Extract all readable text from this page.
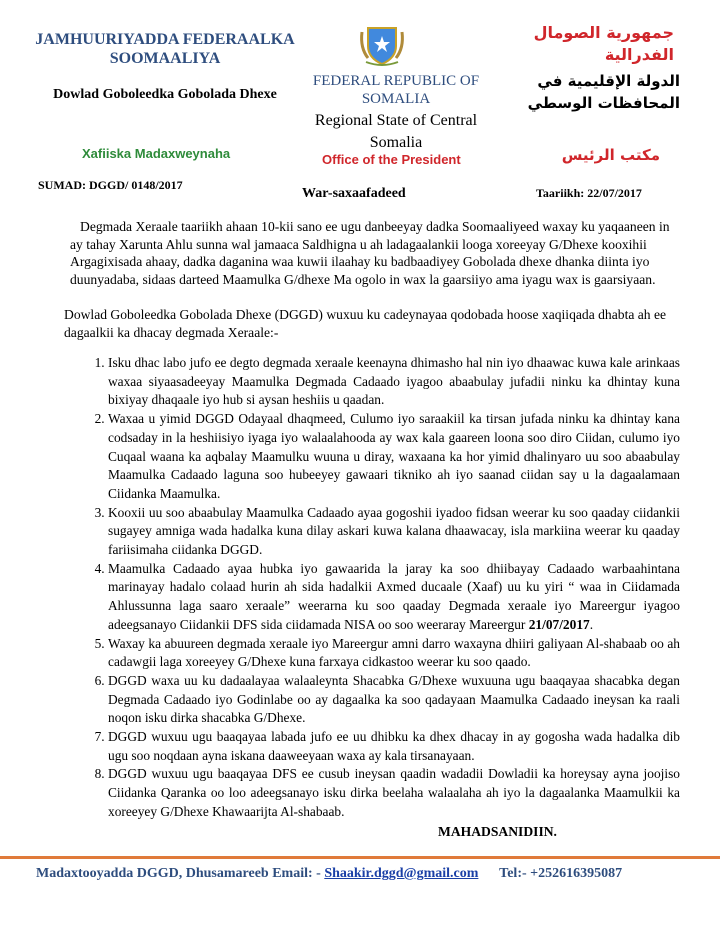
JAMHUURIYADDA FEDERAALKA SOOMAALIYA
Dowlad Goboleedka Gobolada Dhexe
Xafiiska Madaxweynaha
FEDERAL REPUBLIC OF SOMALIA
Regional State of Central Somalia
Office of the President
جمهورية الصومال الفدرالية
الدولة الإقليمية في المحافظات الوسطي
مكتب الرئيس
SUMAD: DGGD/ 0148/2017
War-saxaafadeed	Taariikh: 22/07/2017
Degmada Xeraale taariikh ahaan 10-kii sano ee ugu danbeeyay dadka Soomaaliyeed waxay ku yaqaaneen in ay tahay Xarunta Ahlu sunna wal jamaaca Saldhigna u ah ladagaalankii looga xoreeyay G/Dhexe kooxihii Argagixisada ahaay, dadka daganina waa kuwii ilaahay ku badbaadiyey Gobolada dhexe dhanka diinta iyo duunyadaba, sidaas darteed Maamulka G/dhexe Ma ogolo in wax la gaarsiiyo ama iyagu wax is gaarsiyaan.
Dowlad Goboleedka Gobolada Dhexe (DGGD) wuxuu ku cadeynayaa qodobada hoose xaqiiqada dhabta ah ee dagaalkii ka dhacay degmada Xeraale:-
1. Isku dhac labo jufo ee degto degmada xeraale keenayna dhimasho hal nin iyo dhaawac kuwa kale arinkaas waxaa siyaasadeeyay Maamulka Degmada Cadaado iyagoo abaabulay jufadii ninku ka dhintay kuna bixiyay dhaqaale iyo hub si aysan heshiis u qaadan.
2. Waxaa u yimid DGGD Odayaal dhaqmeed, Culumo iyo saraakiil ka tirsan jufada ninku ka dhintay kana codsaday in la heshiisiyo iyaga iyo walaalahooda ay wax kala gaareen loona soo diro Ciidan, culumo iyo Cuqaal waana ka aqbalay Maamulku wuuna u diray, waxaana ka hor yimid dhalinyaro uu soo abaabulay Maamulka Cadaado laguna soo hubeeyey gawaari tikniko ah iyo saanad ciidan say u la dagaalamaan Ciidanka Maamulka.
3. Kooxii uu soo abaabulay Maamulka Cadaado ayaa gogoshii iyadoo fidsan weerar ku soo qaaday ciidankii sugayey amniga wada hadalka kuna dilay askari kuwa kalana dhaawacay, isla markiina weerar ku qaaday fariisimaha ciidanka DGGD.
4. Maamulka Cadaado ayaa hubka iyo gawaarida la jaray ka soo dhiibayay Cadaado warbaahintana marinayay hadalo colaad hurin ah sida hadalkii Axmed ducaale (Xaaf) uu ku yiri “ waa in Ciidamada Ahlussunna laga saaro xeraale” weerarna ku soo qaaday Degmada xeraale iyo Mareergur iyagoo adeegsanayo Ciidankii DFS sida ciidamada NISA oo soo weeraray Mareergur 21/07/2017.
5. Waxay ka abuureen degmada xeraale iyo Mareergur amni darro waxayna dhiiri galiyaan Al-shabaab oo ah cadawgii laga xoreeyey G/Dhexe kuna farxaya cidkastoo weerar ku soo qaado.
6. DGGD waxa uu ku dadaalayaa walaaleynta Shacabka G/Dhexe wuxuuna ugu baaqayaa shacabka degan Degmada Cadaado iyo Godinlabe oo ay dagaalka ka soo qadayaan Maamulka Cadaado ineysan ka raali noqon isku dirka shacabka G/Dhexe.
7. DGGD wuxuu ugu baaqayaa labada jufo ee uu dhibku ka dhex dhacay in ay gogosha wada hadalka dib ugu soo noqdaan ayna iskana daaweeyaan waxa ay kala tirsanayaan.
8. DGGD wuxuu ugu baaqayaa DFS ee cusub ineysan qaadin wadadii Dowladii ka horeysay ayna joojiso Ciidanka Qaranka oo loo adeegsanayo isku dirka beelaha walaalaha ah iyo la dagaalanka Maamulkii ka xoreeyey G/Dhexe Khawaarijta Al-shabaab.
MAHADSANIDIIN.
Madaxtooyadda DGGD, Dhusamareeb Email: - Shaakir.dggd@gmail.com Tel:- +252616395087
